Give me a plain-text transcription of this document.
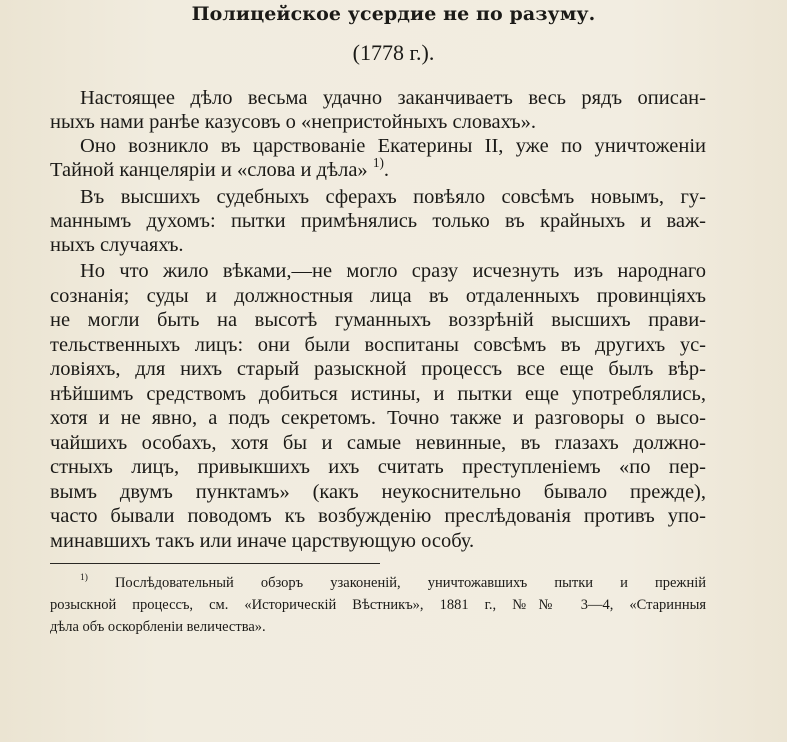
Полицейское усердие не по разуму.
(1778 г.).
Настоящее дѣло весьма удачно заканчиваетъ весь рядъ описан-
ныхъ нами ранѣе казусовъ о «непристойныхъ словахъ».
Оно возникло въ царствованіе Екатерины II, уже по уничтоженіи
Тайной канцеляріи и «слова и дѣла» $^{1)}$.
Въ высшихъ судебныхъ сферахъ повѣяло совсѣмъ новымъ, гу-
маннымъ духомъ: пытки примѣнялись только въ крайныхъ и важ-
ныхъ случаяхъ.
Но что жило вѣками,—не могло сразу исчезнуть изъ народнаго
сознанія; суды и должностныя лица въ отдаленныхъ провинціяхъ
не могли быть на высотѣ гуманныхъ воззрѣній высшихъ прави-
тельственныхъ лицъ: они были воспитаны совсѣмъ въ другихъ ус-
ловіяхъ, для нихъ старый разыскной процессъ все еще былъ вѣр-
нѣйшимъ средствомъ добиться истины, и пытки еще употреблялись,
хотя и не явно, а подъ секретомъ. Точно также и разговоры о высо-
чайшихъ особахъ, хотя бы и самые невинные, въ глазахъ должно-
стныхъ лицъ, привыкшихъ ихъ считать преступленіемъ «по пер-
вымъ двумъ пунктамъ» (какъ неукоснительно бывало прежде),
часто бывали поводомъ къ возбужденію преслѣдованія противъ упо-
минавшихъ такъ или иначе царствующую особу.
$^{1)}$ Послѣдовательный обзоръ узаконеній, уничтожавшихъ пытки и прежній
розыскной процессъ, см. «Историческій Вѣстникъ», 1881 г., №№ 3—4, «Старинныя
дѣла объ оскорбленіи величества».
